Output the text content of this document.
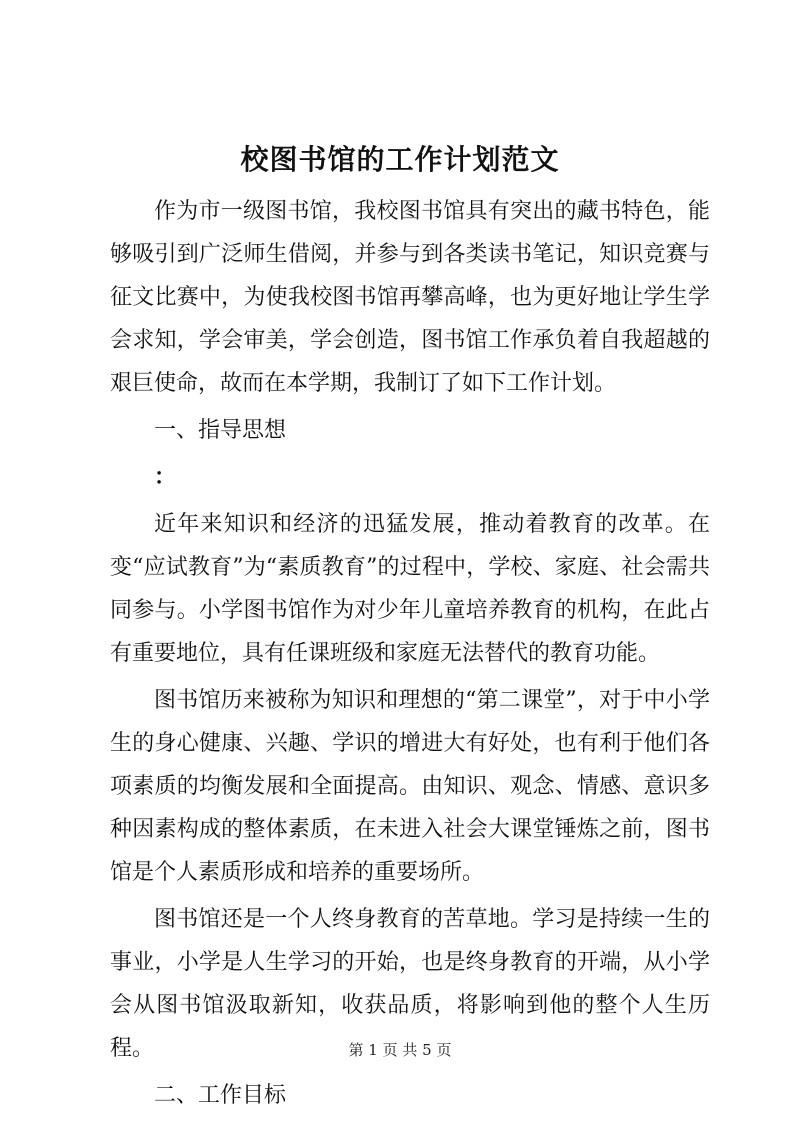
校图书馆的工作计划范文

作为市一级图书馆，我校图书馆具有突出的藏书特色，能够吸引到广泛师生借阅，并参与到各类读书笔记，知识竞赛与征文比赛中，为使我校图书馆再攀高峰，也为更好地让学生学会求知，学会审美，学会创造，图书馆工作承负着自我超越的艰巨使命，故而在本学期，我制订了如下工作计划。

一、指导思想

：

近年来知识和经济的迅猛发展，推动着教育的改革。在变“应试教育”为“素质教育”的过程中，学校、家庭、社会需共同参与。小学图书馆作为对少年儿童培养教育的机构，在此占有重要地位，具有任课班级和家庭无法替代的教育功能。

图书馆历来被称为知识和理想的“第二课堂”，对于中小学生的身心健康、兴趣、学识的增进大有好处，也有利于他们各项素质的均衡发展和全面提高。由知识、观念、情感、意识多种因素构成的整体素质，在未进入社会大课堂锤炼之前，图书馆是个人素质形成和培养的重要场所。

图书馆还是一个人终身教育的苦草地。学习是持续一生的事业，小学是人生学习的开始，也是终身教育的开端，从小学会从图书馆汲取新知，收获品质，将影响到他的整个人生历程。

二、工作目标

第 1 页 共 5 页
